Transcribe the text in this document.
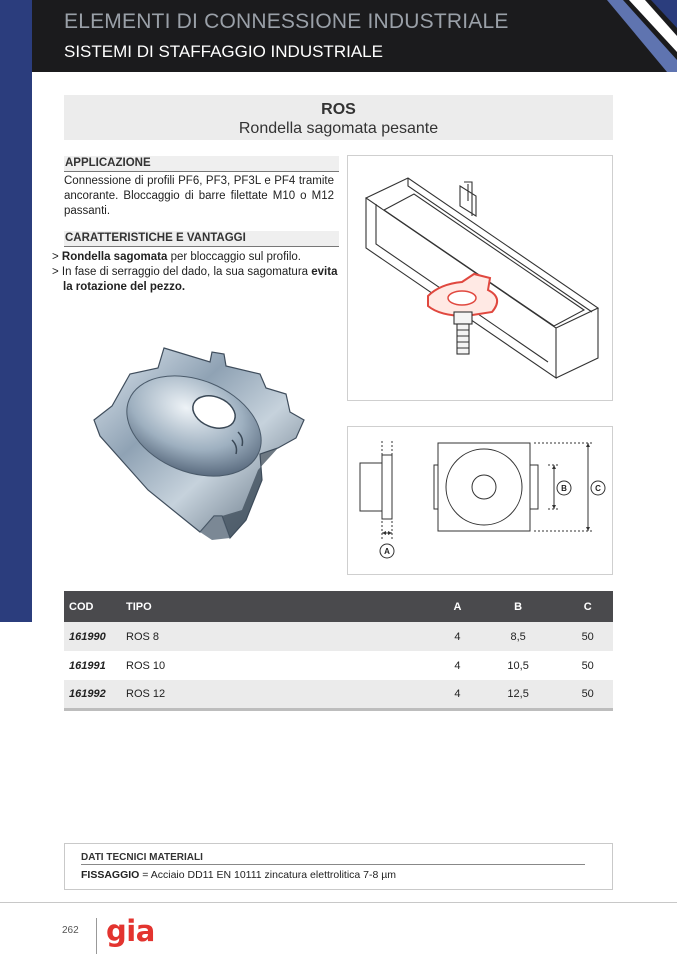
ELEMENTI DI CONNESSIONE INDUSTRIALE
SISTEMI DI STAFFAGGIO INDUSTRIALE
ROS
Rondella sagomata pesante
APPLICAZIONE
Connessione di profili PF6, PF3, PF3L e PF4 tramite ancorante. Bloccaggio di barre filettate M10 o M12 passanti.
CARATTERISTICHE E VANTAGGI
> Rondella sagomata per bloccaggio sul profilo.
> In fase di serraggio del dado, la sua sagomatura evita la rotazione del pezzo.
A
B	C
COD	TIPO	A	B	C
161990	ROS 8	4	8,5	50
161991	ROS 10	4	10,5	50
161992	ROS 12	4	12,5	50
DATI TECNICI MATERIALI
FISSAGGIO = Acciaio DD11 EN 10111 zincatura elettrolitica 7-8 µm
262 gia
